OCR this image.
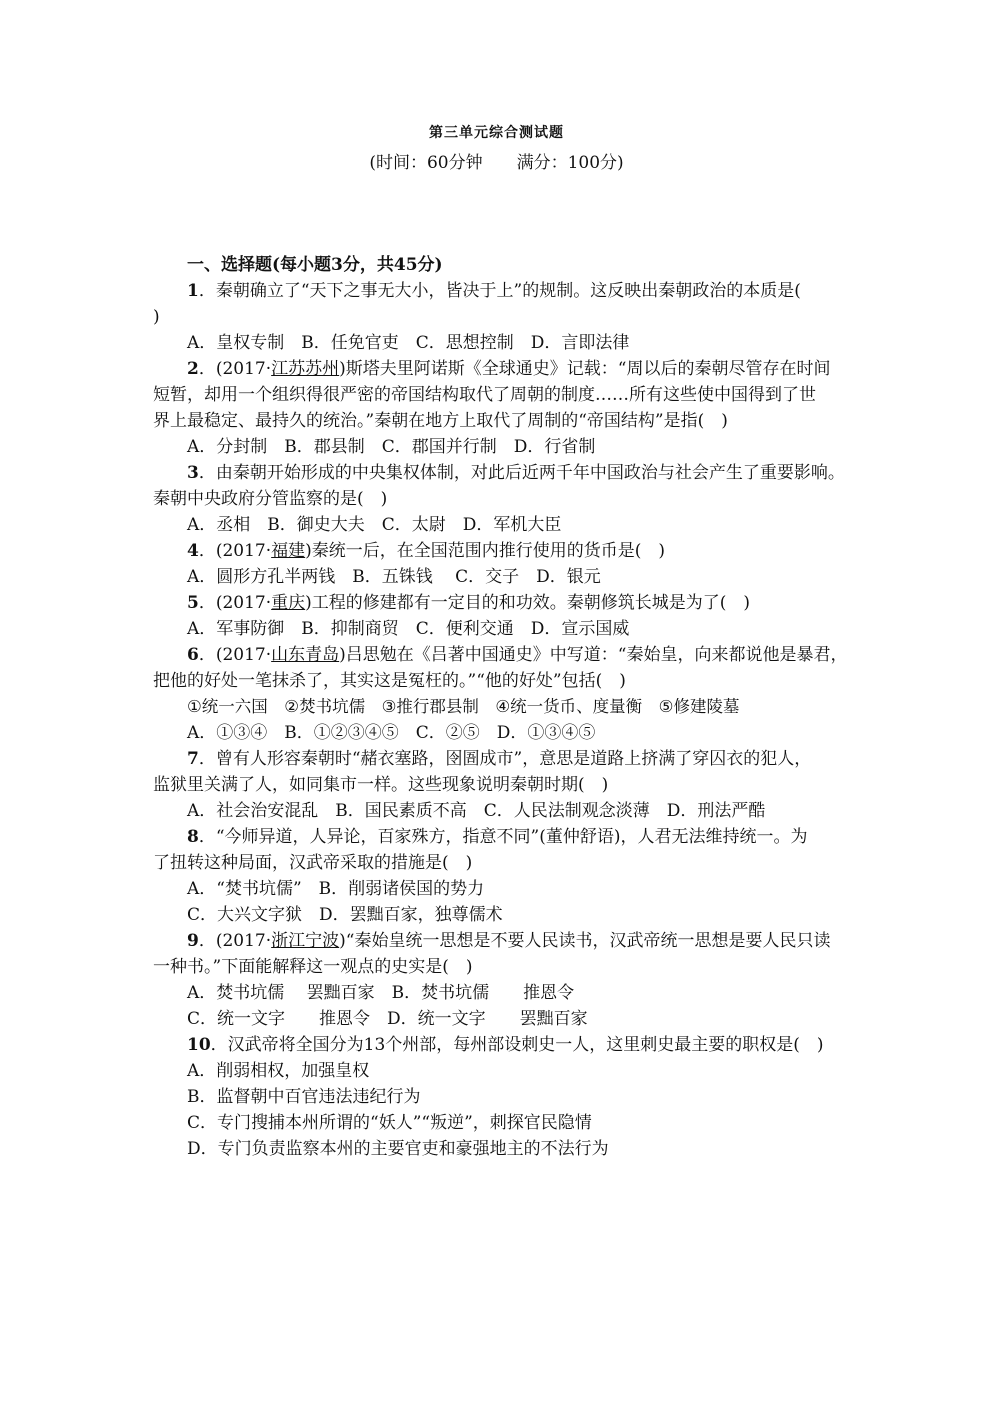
第三单元综合测试题
(时间：60分钟 满分：100分)

一、选择题(每小题3分，共45分)

1．秦朝确立了“天下之事无大小，皆决于上”的规制。这反映出秦朝政治的本质是(

)

A．皇权专制　B．任免官吏　C．思想控制　D．言即法律

2．(2017·江苏苏州)斯塔夫里阿诺斯《全球通史》记载：“周以后的秦朝尽管存在时间

短暂，却用一个组织得很严密的帝国结构取代了周朝的制度……所有这些使中国得到了世

界上最稳定、最持久的统治。”秦朝在地方上取代了周制的“帝国结构”是指(　)

A．分封制　B．郡县制　C．郡国并行制　D．行省制

3．由秦朝开始形成的中央集权体制，对此后近两千年中国政治与社会产生了重要影响。

秦朝中央政府分管监察的是(　)

A．丞相　B．御史大夫　C．太尉　D．军机大臣

4．(2017·福建)秦统一后，在全国范围内推行使用的货币是(　)

A．圆形方孔半两钱　B．五铢钱　 C．交子　D．银元

5．(2017·重庆)工程的修建都有一定目的和功效。秦朝修筑长城是为了(　)

A．军事防御　B．抑制商贸　C．便利交通　D．宣示国威

6．(2017·山东青岛)吕思勉在《吕著中国通史》中写道：“秦始皇，向来都说他是暴君，

把他的好处一笔抹杀了，其实这是冤枉的。”“他的好处”包括(　)

①统一六国　②焚书坑儒　③推行郡县制　④统一货币、度量衡　⑤修建陵墓

A．①③④　B．①②③④⑤　C．②⑤　D．①③④⑤

7．曾有人形容秦朝时“赭衣塞路，囹圄成市”，意思是道路上挤满了穿囚衣的犯人，

监狱里关满了人，如同集市一样。这些现象说明秦朝时期(　)

A．社会治安混乱　B．国民素质不高　C．人民法制观念淡薄　D．刑法严酷

8．“今师异道，人异论，百家殊方，指意不同”(董仲舒语)，人君无法维持统一。为

了扭转这种局面，汉武帝采取的措施是(　)

A．“焚书坑儒”　B．削弱诸侯国的势力

C．大兴文字狱　D．罢黜百家，独尊儒术

9．(2017·浙江宁波)“秦始皇统一思想是不要人民读书，汉武帝统一思想是要人民只读

一种书。”下面能解释这一观点的史实是(　)

A．焚书坑儒　 罢黜百家　B．焚书坑儒　　推恩令

C．统一文字　　推恩令　D．统一文字　　罢黜百家

10．汉武帝将全国分为13个州部，每州部设刺史一人，这里刺史最主要的职权是(　)

A．削弱相权，加强皇权

B．监督朝中百官违法违纪行为

C．专门搜捕本州所谓的“妖人”“叛逆”，刺探官民隐情

D．专门负责监察本州的主要官吏和豪强地主的不法行为
